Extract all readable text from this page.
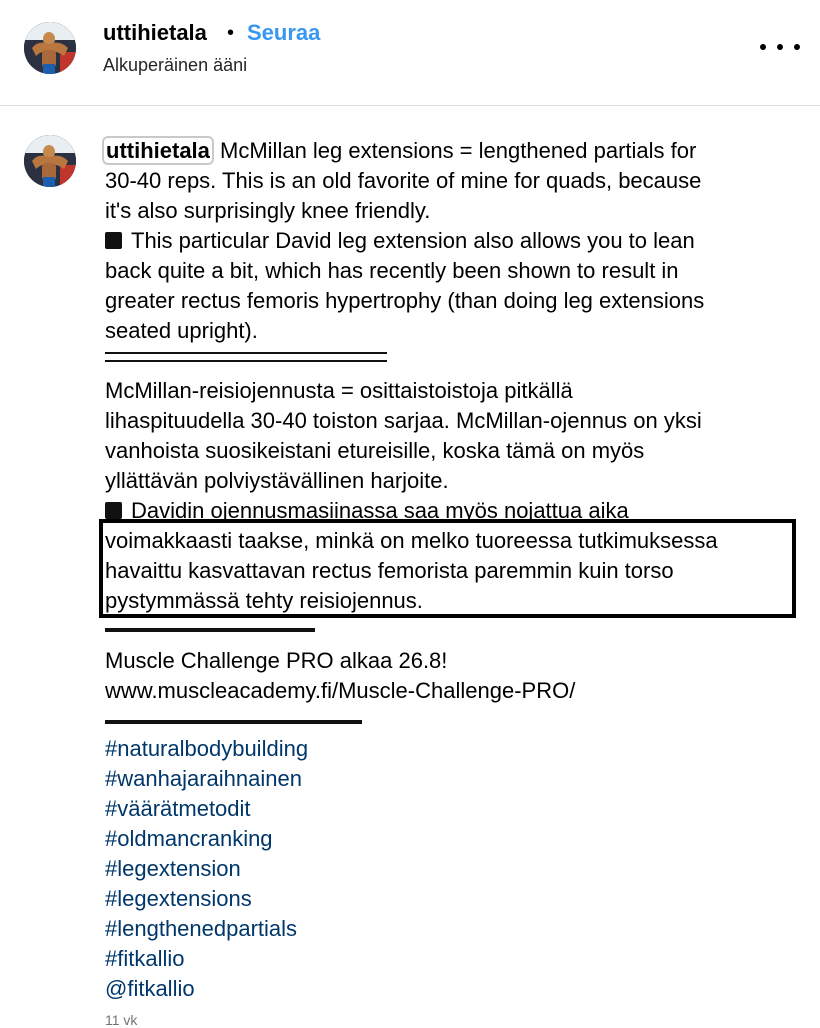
uttihietala • Seuraa
Alkuperäinen ääni

uttihietala McMillan leg extensions = lengthened partials for

30-40 reps. This is an old favorite of mine for quads, because

it's also surprisingly knee friendly.

This particular David leg extension also allows you to lean

back quite a bit, which has recently been shown to result in

greater rectus femoris hypertrophy (than doing leg extensions

seated upright).

McMillan-reisiojennusta = osittaistoistoja pitkällä

lihaspituudella 30-40 toiston sarjaa. McMillan-ojennus on yksi

vanhoista suosikeistani etureisille, koska tämä on myös

yllättävän polviystävällinen harjoite.

Davidin ojennusmasiinassa saa myös nojattua aika

voimakkaasti taakse, minkä on melko tuoreessa tutkimuksessa

havaittu kasvattavan rectus femorista paremmin kuin torso

pystymmässä tehty reisiojennus.

Muscle Challenge PRO alkaa 26.8!

www.muscleacademy.fi/Muscle-Challenge-PRO/

#naturalbodybuilding

#wanhajaraihnainen

#väärätmetodit

#oldmancranking

#legextension

#legextensions

#lengthenedpartials

#fitkallio

@fitkallio

11 vk
